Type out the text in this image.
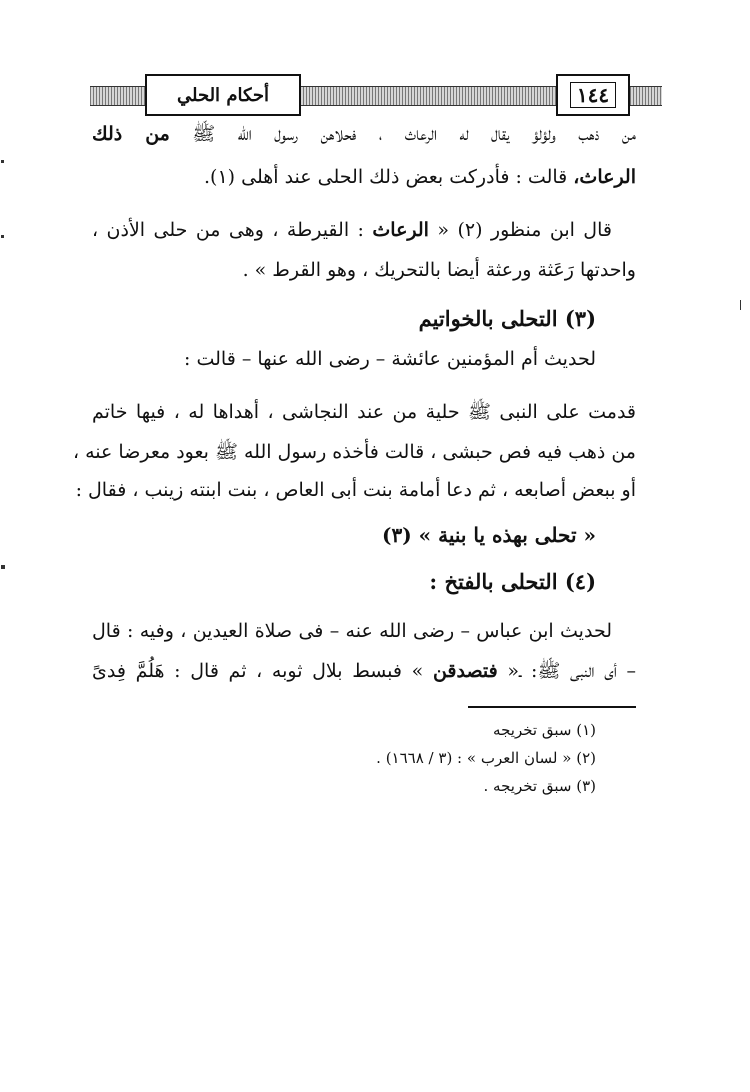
أحكام الحلي	١٤٤
من ذهب ولؤلؤ يقال له الرعاث ، فحلاهن رسول الله ﷺ من ذلك
الرعاث، قالت : فأدركت بعض ذلك الحلى عند أهلى (١).
قال ابن منظور (٢) « الرعاث : القيرطة ، وهى من حلى الأذن ،
واحدتها رَعَثة ورعثة أيضا بالتحريك ، وهو القرط » .
(٣) التحلى بالخواتيم
لحديث أم المؤمنين عائشة – رضى الله عنها – قالت :
قدمت على النبى ﷺ حلية من عند النجاشى ، أهداها له ، فيها خاتم
من ذهب فيه فص حبشى ، قالت فأخذه رسول الله ﷺ بعود معرضا عنه ،
أو ببعض أصابعه ، ثم دعا أمامة بنت أبى العاص ، بنت ابنته زينب ، فقال :
« تحلى بهذه يا بنية » (٣)
(٤) التحلى بالفتخ :
لحديث ابن عباس – رضى الله عنه – فى صلاة العيدين ، وفيه : قال
– أى النبى ﷺ: ـ« فتصدقن » فبسط بلال ثوبه ، ثم قال : هَلُمَّ فِدىً
(١) سبق تخريجه
(٢) « لسان العرب » : (٣ / ١٦٦٨) .
(٣) سبق تخريجه .
